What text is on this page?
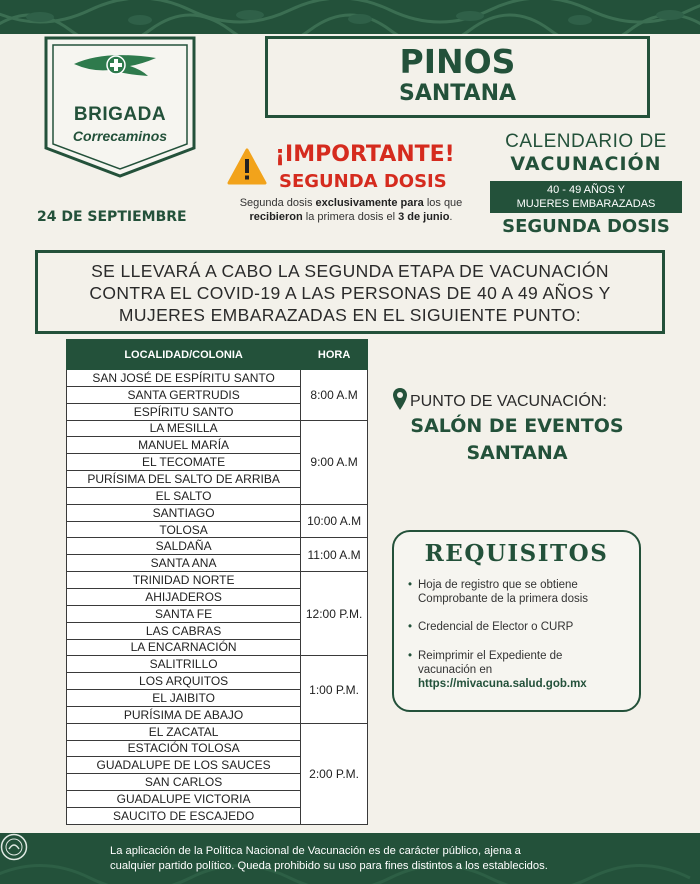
BRIGADA
Correcaminos
PINOS
SANTANA
¡IMPORTANTE!
SEGUNDA DOSIS
Segunda dosis exclusivamente para los que recibieron la primera dosis el 3 de junio.
24 DE SEPTIEMBRE
CALENDARIO DE
VACUNACIÓN
40 - 49 AÑOS Y
MUJERES EMBARAZADAS
SEGUNDA DOSIS
SE LLEVARÁ A CABO LA SEGUNDA ETAPA DE VACUNACIÓN
CONTRA EL COVID-19 A LAS PERSONAS DE 40 A 49 AÑOS Y
MUJERES EMBARAZADAS EN EL SIGUIENTE PUNTO:
LOCALIDAD/COLONIA	HORA
SAN JOSÉ DE ESPÍRITU SANTO	8:00 A.M
SANTA GERTRUDIS	
ESPÍRITU SANTO	
LA MESILLA	9:00 A.M
MANUEL MARÍA	
EL TECOMATE	
PURÍSIMA DEL SALTO DE ARRIBA	
EL SALTO	
SANTIAGO	10:00 A.M
TOLOSA	
SALDAÑA	11:00 A.M
SANTA ANA	
TRINIDAD NORTE	12:00 P.M.
AHIJADEROS	
SANTA FE	
LAS CABRAS	
LA ENCARNACIÓN	
SALITRILLO	1:00 P.M.
LOS ARQUITOS	
EL JAIBITO	
PURÍSIMA DE ABAJO	
EL ZACATAL	2:00 P.M.
ESTACIÓN TOLOSA	
GUADALUPE DE LOS SAUCES	
SAN CARLOS	
GUADALUPE VICTORIA	
SAUCITO DE ESCAJEDO	
PUNTO DE VACUNACIÓN:
SALÓN DE EVENTOS
SANTANA
REQUISITOS
• Hoja de registro que se obtiene
Comprobante de la primera dosis
• Credencial de Elector o CURP
• Reimprimir el Expediente de
vacunación en
https://mivacuna.salud.gob.mx
La aplicación de la Política Nacional de Vacunación es de carácter público, ajena a
cualquier partido político. Queda prohibido su uso para fines distintos a los establecidos.
